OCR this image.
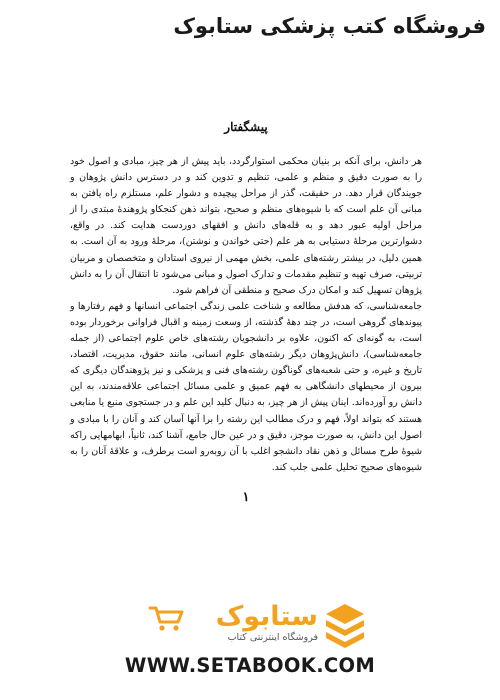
فروشگاه کتب پزشکی ستابوک
پیشگفتار

هر دانش، برای آنکه بر بنیان محکمی استوارگردد، باید پیش از هر چیز، مبادی و اصول خود را به صورت دقیق و منظم و علمی، تنظیم و تدوین کند و در دسترس دانش پژوهان و جویندگان قرار دهد. در حقیقت، گذر از مراحل پیچیده و دشوار علم، مستلزم راه یافتن به مبانی آن علم است که با شیوه‌های منظم و صحیح، بتواند ذهن کنجکاو پژوهندهٔ مبتدی را از مراحل اولیه عبور دهد و به قله‌های دانش و افقهای دوردست هدایت کند. در واقع، دشوارترین مرحلهٔ دستیابی به هر علم (حتی خواندن و نوشتن)، مرحلهٔ ورود به آن است. به همین دلیل، در بیشتر رشته‌های علمی، بخش مهمی از نیروی استادان و متخصصان و مربیان تربیتی، صرف تهیه و تنظیم مقدمات و تدارک اصول و مبانی می‌شود تا انتقال آن را به دانش پژوهان تسهیل کند و امکان درک صحیح و منطقی آن فراهم شود.

جامعه‌شناسی، که هدفش مطالعه و شناخت علمی زندگی اجتماعی انسانها و فهم رفتارها و پیوندهای گروهی است، در چند دههٔ گذشته، از وسعت زمینه و اقبال فراوانی برخوردار بوده است، به گونه‌ای که اکنون، علاوه بر دانشجویان رشته‌های خاص علوم اجتماعی (از جمله جامعه‌شناسی)، دانش‌پژوهان دیگر رشته‌های علوم انسانی، مانند حقوق، مدیریت، اقتصاد، تاریخ و غیره، و حتی شعبه‌های گوناگون رشته‌های فنی و پزشکی و نیز پژوهندگان دیگری که بیرون از محیطهای دانشگاهی به فهم عمیق و علمی مسائل اجتماعی علاقه‌مندند، به این دانش رو آورده‌اند. اینان پیش از هر چیز، به دنبال کلید این علم و در جستجوی منبع یا منابعی هستند که بتواند اولاً، فهم و درک مطالب این رشته را برا آنها آسان کند و آنان را با مبادی و اصول این دانش، به صورت موجز، دقیق و در عین حال جامع، آشنا کند، ثانیاً، ابهامهایی راکه شیوهٔ طرح مسائل و ذهن نقاد دانشجو اغلب با آن روبه‌رو است برطرف، و علاقهٔ آنان را به شیوه‌های صحیح تحلیل علمی جلب کند.

۱
ستابوک
فروشگاه اینترنتی کتاب
WWW.SETABOOK.COM
